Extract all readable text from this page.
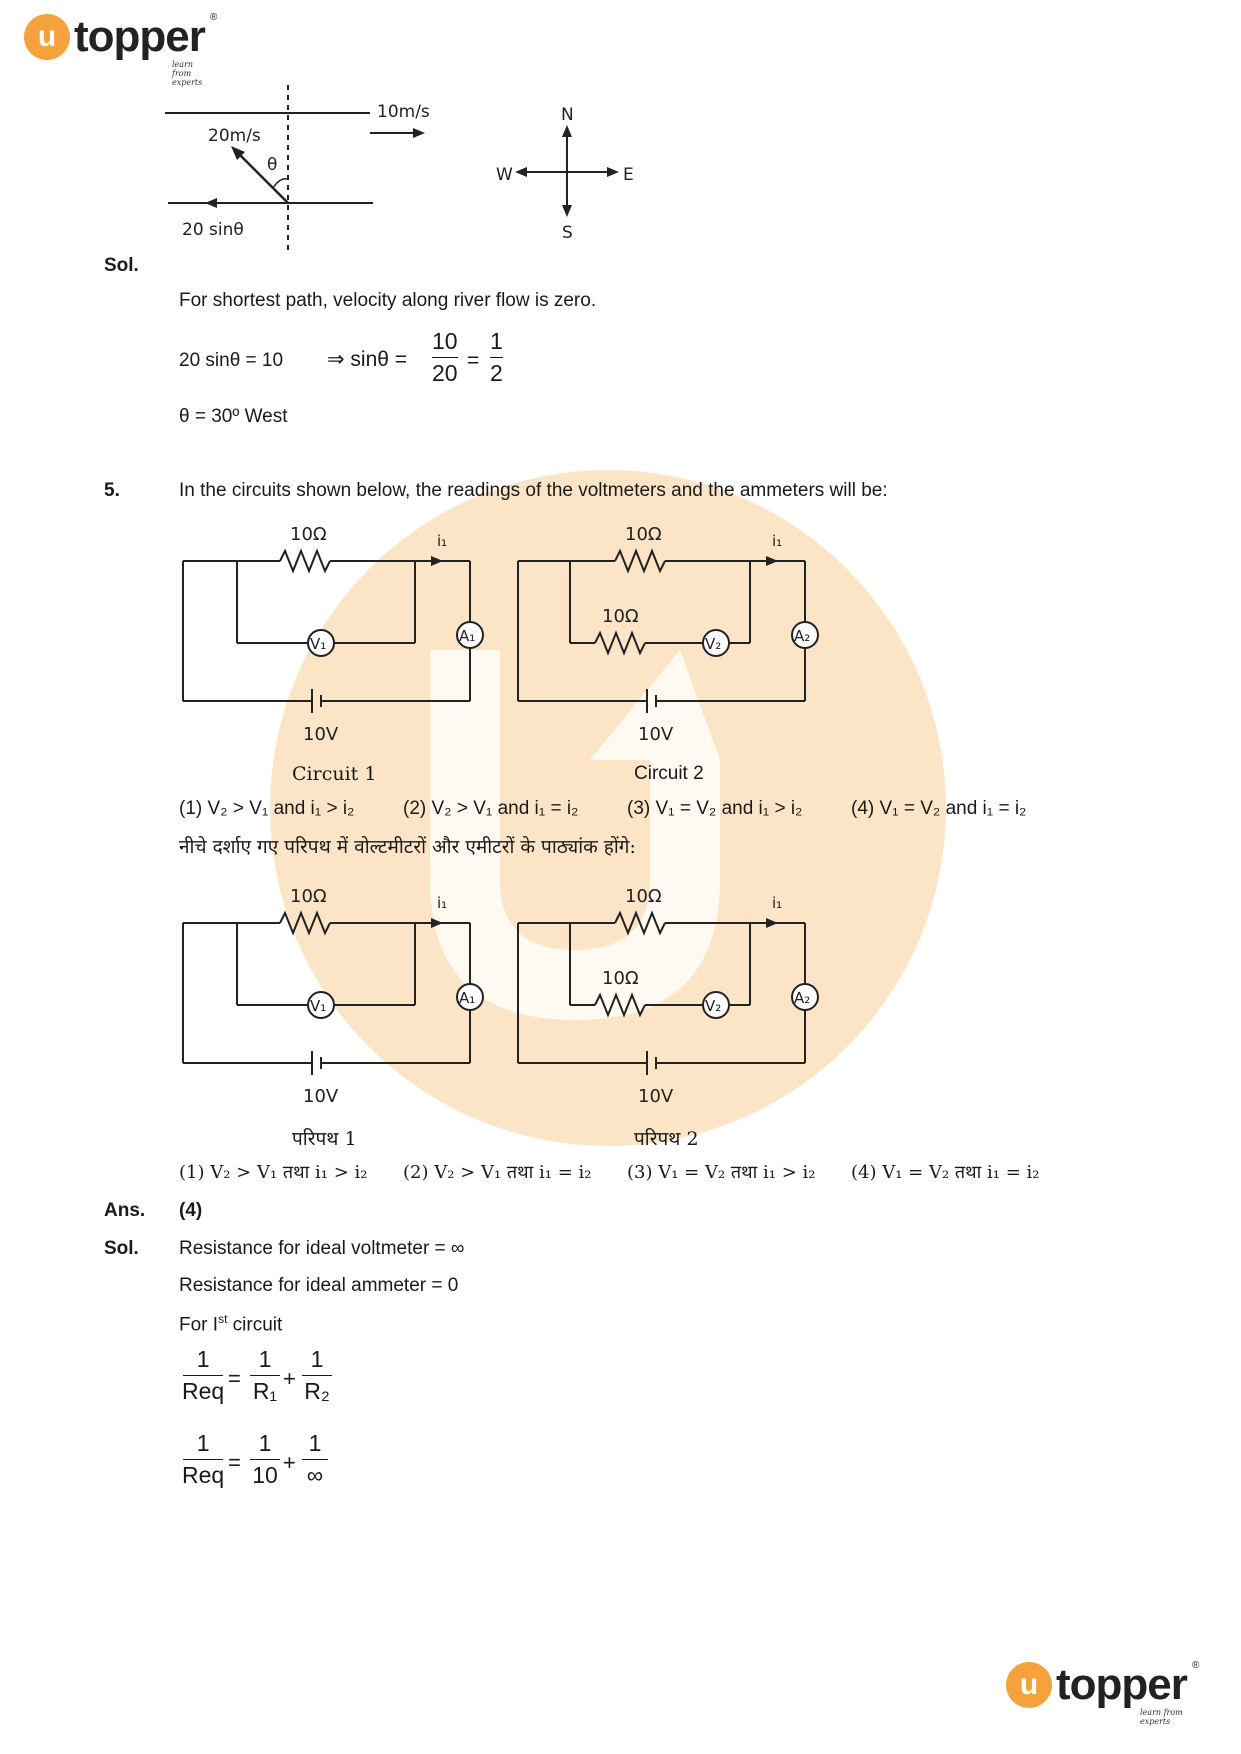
u topper ®
learn from experts
10m/s
20m/s
θ
20 sinθ
N
S
E
W
Sol.
For shortest path, velocity along river flow is zero.
20 sinθ = 10 ⇒ sinθ =
10
20 =
1
2
θ = 30º West
5.	In the circuits shown below, the readings of the voltmeters and the ammeters will be:
i₁
10Ω
V₁	A₁
10V
i₁
10Ω
10Ω
V₂	A₂
10V
Circuit 1	Circuit 2
(1) V₂ > V₁ and i₁ > i₂	(2) V₂ > V₁ and i₁ = i₂	(3) V₁ = V₂ and i₁ > i₂	(4) V₁ = V₂ and i₁ = i₂
नीचे दर्शाए गए परिपथ में वोल्टमीटरों और एमीटरों के पाठ्यांक होंगे:
i₁
10Ω
V₁	A₁
10V
i₁
10Ω
10Ω
V₂	A₂
10V
परिपथ 1	परिपथ 2
(1) V₂ > V₁ तथा i₁ > i₂ (2) V₂ > V₁ तथा i₁ = i₂ (3) V₁ = V₂ तथा i₁ > i₂ (4) V₁ = V₂ तथा i₁ = i₂
Ans. (4)
Sol. Resistance for ideal voltmeter = ∞
Resistance for ideal ammeter = 0
For Ist circuit
1
Req =
1
R₁ +
1
R₂
1
Req =
1
10 +
1
∞
u topper ®
learn from experts
